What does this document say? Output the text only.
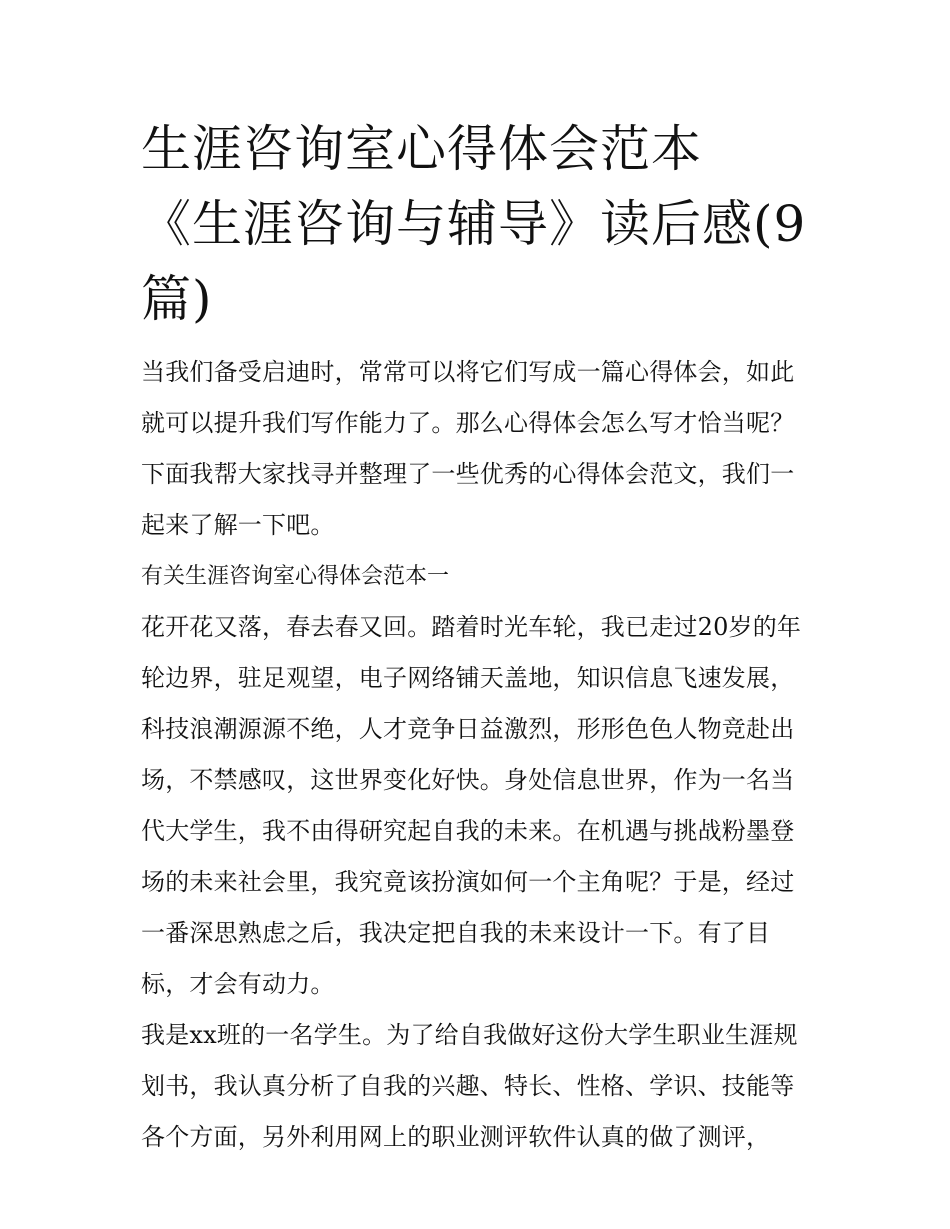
生涯咨询室心得体会范本 《生涯咨询与辅导》读后感(9篇)

当我们备受启迪时，常常可以将它们写成一篇心得体会，如此就可以提升我们写作能力了。那么心得体会怎么写才恰当呢？下面我帮大家找寻并整理了一些优秀的心得体会范文，我们一起来了解一下吧。

有关生涯咨询室心得体会范本一

花开花又落，春去春又回。踏着时光车轮，我已走过20岁的年轮边界，驻足观望，电子网络铺天盖地，知识信息飞速发展，科技浪潮源源不绝，人才竞争日益激烈，形形色色人物竞赴出场，不禁感叹，这世界变化好快。身处信息世界，作为一名当代大学生，我不由得研究起自我的未来。在机遇与挑战粉墨登场的未来社会里，我究竟该扮演如何一个主角呢？于是，经过一番深思熟虑之后，我决定把自我的未来设计一下。有了目标，才会有动力。

我是xx班的一名学生。为了给自我做好这份大学生职业生涯规划书，我认真分析了自我的兴趣、特长、性格、学识、技能等各个方面，另外利用网上的职业测评软件认真的做了测评，
